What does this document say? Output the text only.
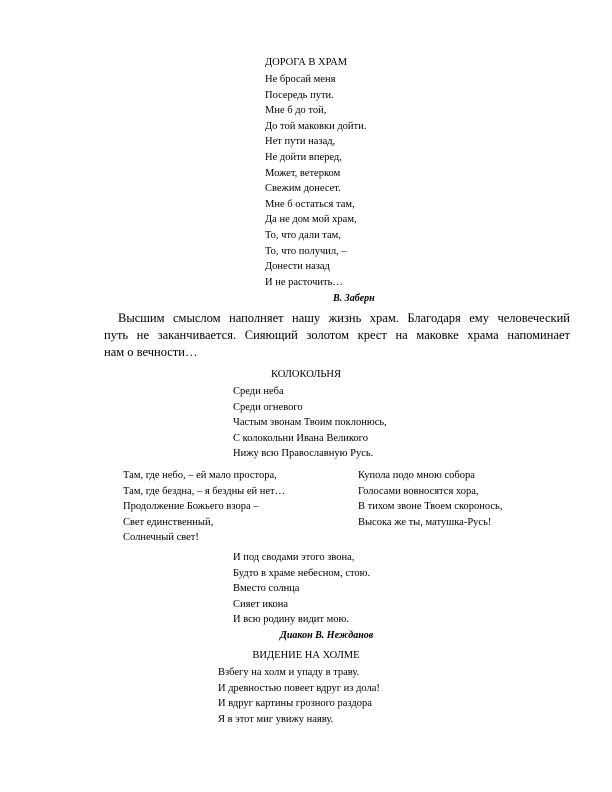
ДОРОГА В ХРАМ
Не бросай меня
Посередь пути.
Мне б до той,
До той маковки дойти.
Нет пути назад,
Не дойти вперед,
Может, ветерком
Свежим донесет.
Мне б остаться там,
Да не дом мой храм,
То, что дали там,
То, что получил, –
Донести назад
И не расточить…
В. Заберн
Высшим смыслом наполняет нашу жизнь храм. Благодаря ему человеческий
путь не заканчивается. Сияющий золотом крест на маковке храма напоминает
нам о вечности…
КОЛОКОЛЬНЯ
Среди неба
Среди огневого
Частым звонам Твоим поклонюсь,
С колокольни Ивана Великого
Нижу всю Православную Русь.
Там, где небо, – ей мало простора,
Там, где бездна, – я бездны ей нет…
Продолжение Божьего взора –
Свет единственный,
Солнечный свет!
Купола подо мною собора
Голосами вовносятся хора,
В тихом звоне Твоем скоронось,
Высока же ты, матушка-Русь!
И под сводами этого звона,
Будто в храме небесном, стою.
Вместо солнца
Сияет икона
И всю родину видит мою.
Диакон В. Нежданов
ВИДЕНИЕ НА ХОЛМЕ
Взбегу на холм и упаду в траву.
И древностью повеет вдруг из дола!
И вдруг картины грозного раздора
Я в этот миг увижу наяву.
